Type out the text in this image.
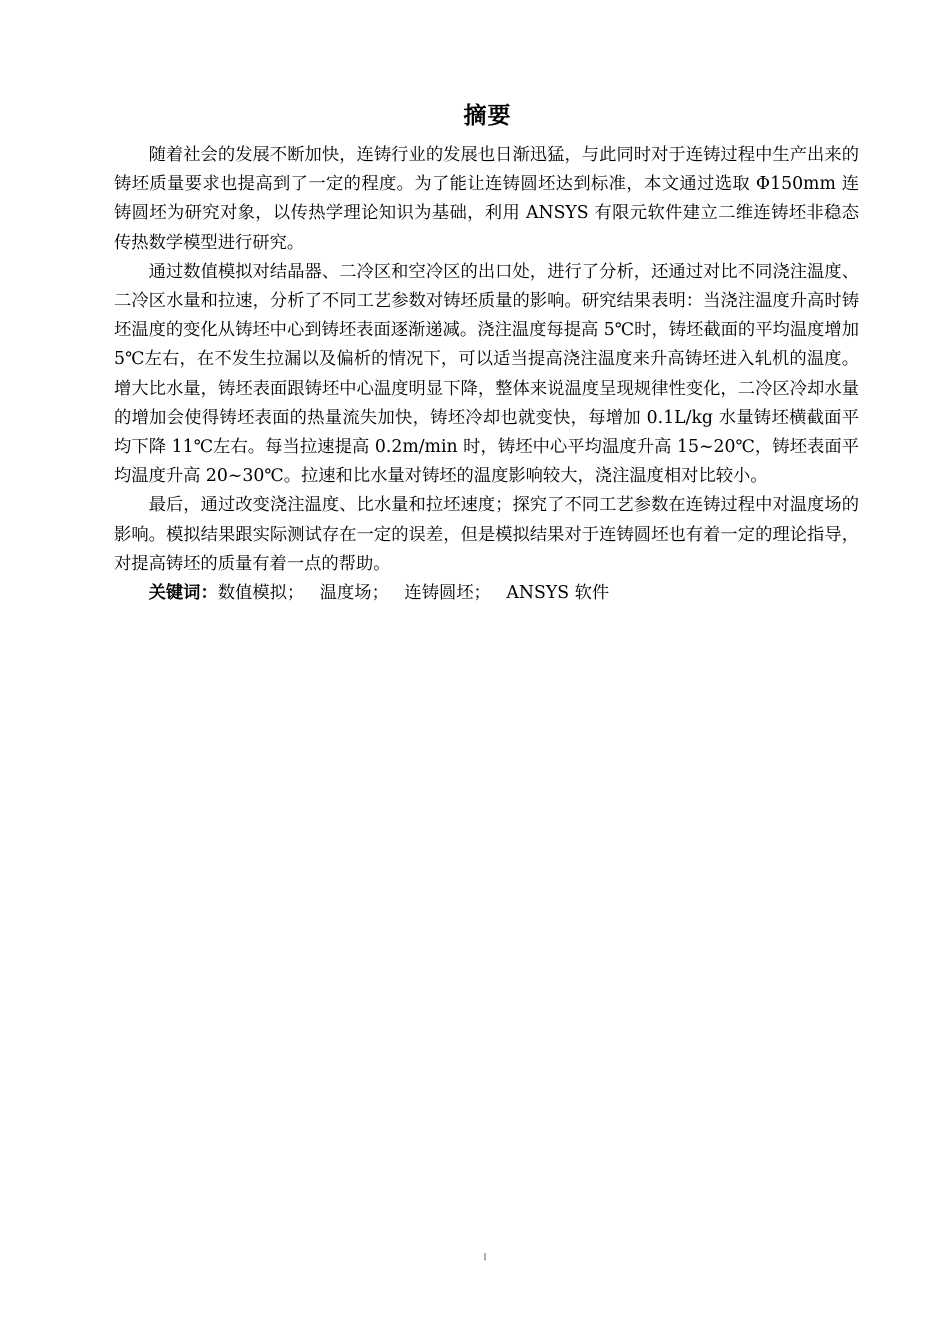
摘要

随着社会的发展不断加快，连铸行业的发展也日渐迅猛，与此同时对于连铸过程中生产出来的铸坯质量要求也提高到了一定的程度。为了能让连铸圆坯达到标准，本文通过选取 Φ150mm 连铸圆坯为研究对象，以传热学理论知识为基础，利用 ANSYS 有限元软件建立二维连铸坯非稳态传热数学模型进行研究。

通过数值模拟对结晶器、二冷区和空冷区的出口处，进行了分析，还通过对比不同浇注温度、二冷区水量和拉速，分析了不同工艺参数对铸坯质量的影响。研究结果表明：当浇注温度升高时铸坯温度的变化从铸坯中心到铸坯表面逐渐递减。浇注温度每提高 5℃时，铸坯截面的平均温度增加 5℃左右，在不发生拉漏以及偏析的情况下，可以适当提高浇注温度来升高铸坯进入轧机的温度。增大比水量，铸坯表面跟铸坯中心温度明显下降，整体来说温度呈现规律性变化，二冷区冷却水量的增加会使得铸坯表面的热量流失加快，铸坯冷却也就变快，每增加 0.1L/kg 水量铸坯横截面平均下降 11℃左右。每当拉速提高 0.2m/min 时，铸坯中心平均温度升高 15~20℃，铸坯表面平均温度升高 20~30℃。拉速和比水量对铸坯的温度影响较大，浇注温度相对比较小。

最后，通过改变浇注温度、比水量和拉坯速度；探究了不同工艺参数在连铸过程中对温度场的影响。模拟结果跟实际测试存在一定的误差，但是模拟结果对于连铸圆坯也有着一定的理论指导，对提高铸坯的质量有着一点的帮助。

关键词：数值模拟； 温度场； 连铸圆坯； ANSYS 软件

I
